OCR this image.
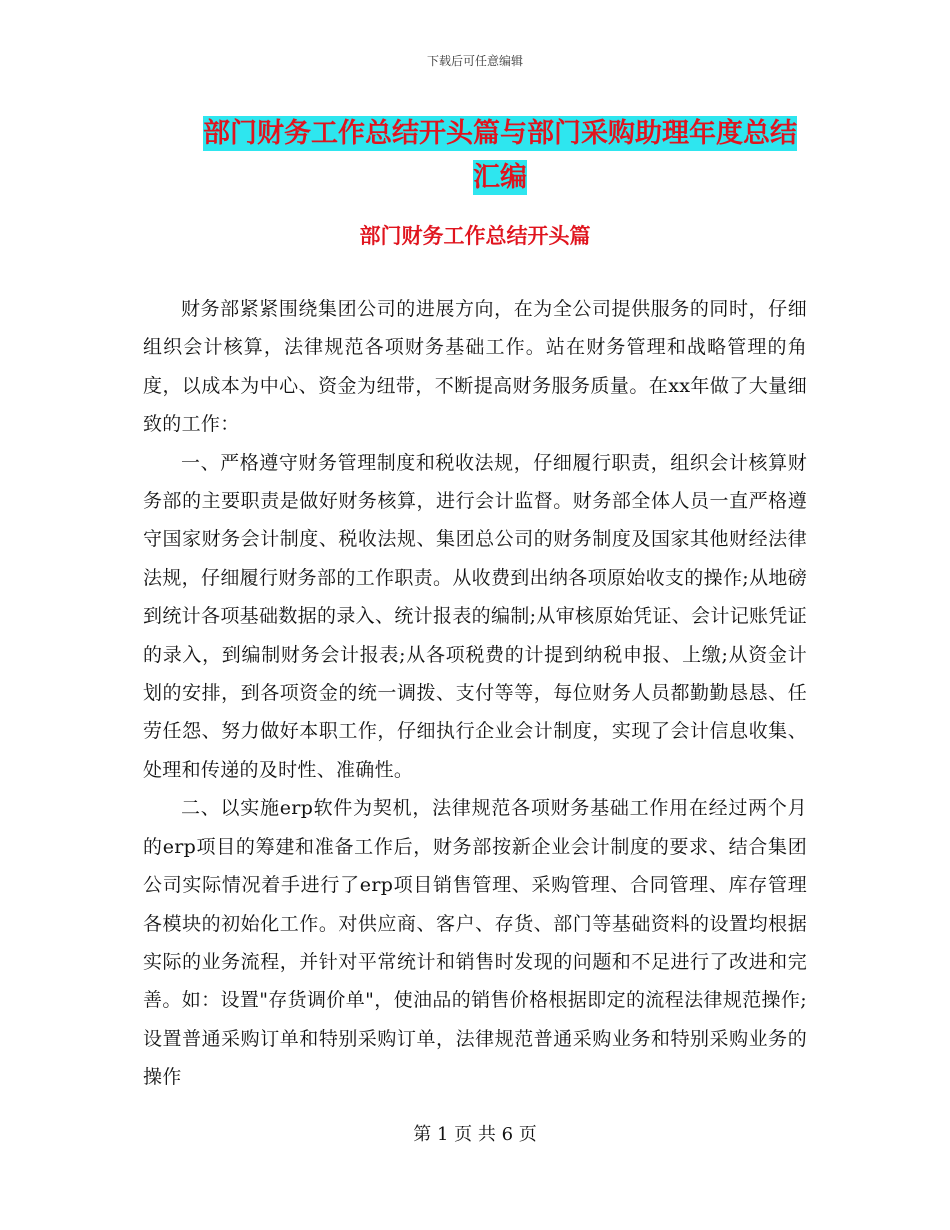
下载后可任意编辑
部门财务工作总结开头篇与部门采购助理年度总结汇编
部门财务工作总结开头篇

财务部紧紧围绕集团公司的进展方向，在为全公司提供服务的同时，仔细组织会计核算，法律规范各项财务基础工作。站在财务管理和战略管理的角度，以成本为中心、资金为纽带，不断提高财务服务质量。在xx年做了大量细致的工作：

一、严格遵守财务管理制度和税收法规，仔细履行职责，组织会计核算财务部的主要职责是做好财务核算，进行会计监督。财务部全体人员一直严格遵守国家财务会计制度、税收法规、集团总公司的财务制度及国家其他财经法律法规，仔细履行财务部的工作职责。从收费到出纳各项原始收支的操作;从地磅到统计各项基础数据的录入、统计报表的编制;从审核原始凭证、会计记账凭证的录入，到编制财务会计报表;从各项税费的计提到纳税申报、上缴;从资金计划的安排，到各项资金的统一调拨、支付等等，每位财务人员都勤勤恳恳、任劳任怨、努力做好本职工作，仔细执行企业会计制度，实现了会计信息收集、处理和传递的及时性、准确性。

二、以实施erp软件为契机，法律规范各项财务基础工作用在经过两个月的erp项目的筹建和准备工作后，财务部按新企业会计制度的要求、结合集团公司实际情况着手进行了erp项目销售管理、采购管理、合同管理、库存管理各模块的初始化工作。对供应商、客户、存货、部门等基础资料的设置均根据实际的业务流程，并针对平常统计和销售时发现的问题和不足进行了改进和完善。如：设置"存货调价单"，使油品的销售价格根据即定的流程法律规范操作;设置普通采购订单和特别采购订单，法律规范普通采购业务和特别采购业务的操作

第 1 页 共 6 页
